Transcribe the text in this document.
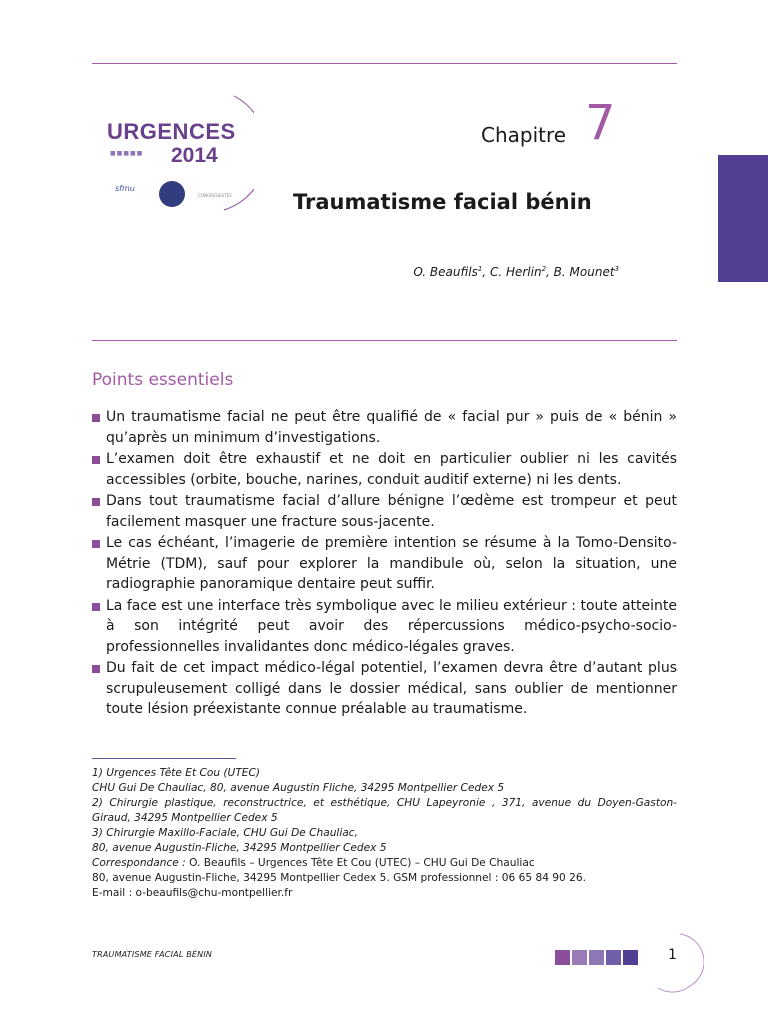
URGENCES
■■■■■ 2014
sfmu
CONGRESSISTES
Chapitre 7
Traumatisme facial bénin
O. Beaufils$^1$, C. Herlin$^2$, B. Mounet$^3$
Points essentiels
Un traumatisme facial ne peut être qualifié de « facial pur » puis de « bénin » qu’après un minimum d’investigations.
L’examen doit être exhaustif et ne doit en particulier oublier ni les cavités accessibles (orbite, bouche, narines, conduit auditif externe) ni les dents.
Dans tout traumatisme facial d’allure bénigne l’œdème est trompeur et peut facilement masquer une fracture sous-jacente.
Le cas échéant, l’imagerie de première intention se résume à la Tomo-Densito-Métrie (TDM), sauf pour explorer la mandibule où, selon la situation, une radiographie panoramique dentaire peut suffir.
La face est une interface très symbolique avec le milieu extérieur : toute atteinte à son intégrité peut avoir des répercussions médico-psycho-socio-professionnelles invalidantes donc médico-légales graves.
Du fait de cet impact médico-légal potentiel, l’examen devra être d’autant plus scrupuleusement colligé dans le dossier médical, sans oublier de mentionner toute lésion préexistante connue préalable au traumatisme.
1) Urgences Tête Et Cou (UTEC)
CHU Gui De Chauliac, 80, avenue Augustin Fliche, 34295 Montpellier Cedex 5
2) Chirurgie plastique, reconstructrice, et esthétique, CHU Lapeyronie , 371, avenue du Doyen-Gaston-Giraud, 34295 Montpellier Cedex 5
3) Chirurgie Maxillo-Faciale, CHU Gui De Chauliac,
80, avenue Augustin-Fliche, 34295 Montpellier Cedex 5
Correspondance : O. Beaufils – Urgences Tête Et Cou (UTEC) – CHU Gui De Chauliac
80, avenue Augustin-Fliche, 34295 Montpellier Cedex 5. GSM professionnel : 06 65 84 90 26.
E-mail : o-beaufils@chu-montpellier.fr
TRAUMATISME FACIAL BÉNIN	1
